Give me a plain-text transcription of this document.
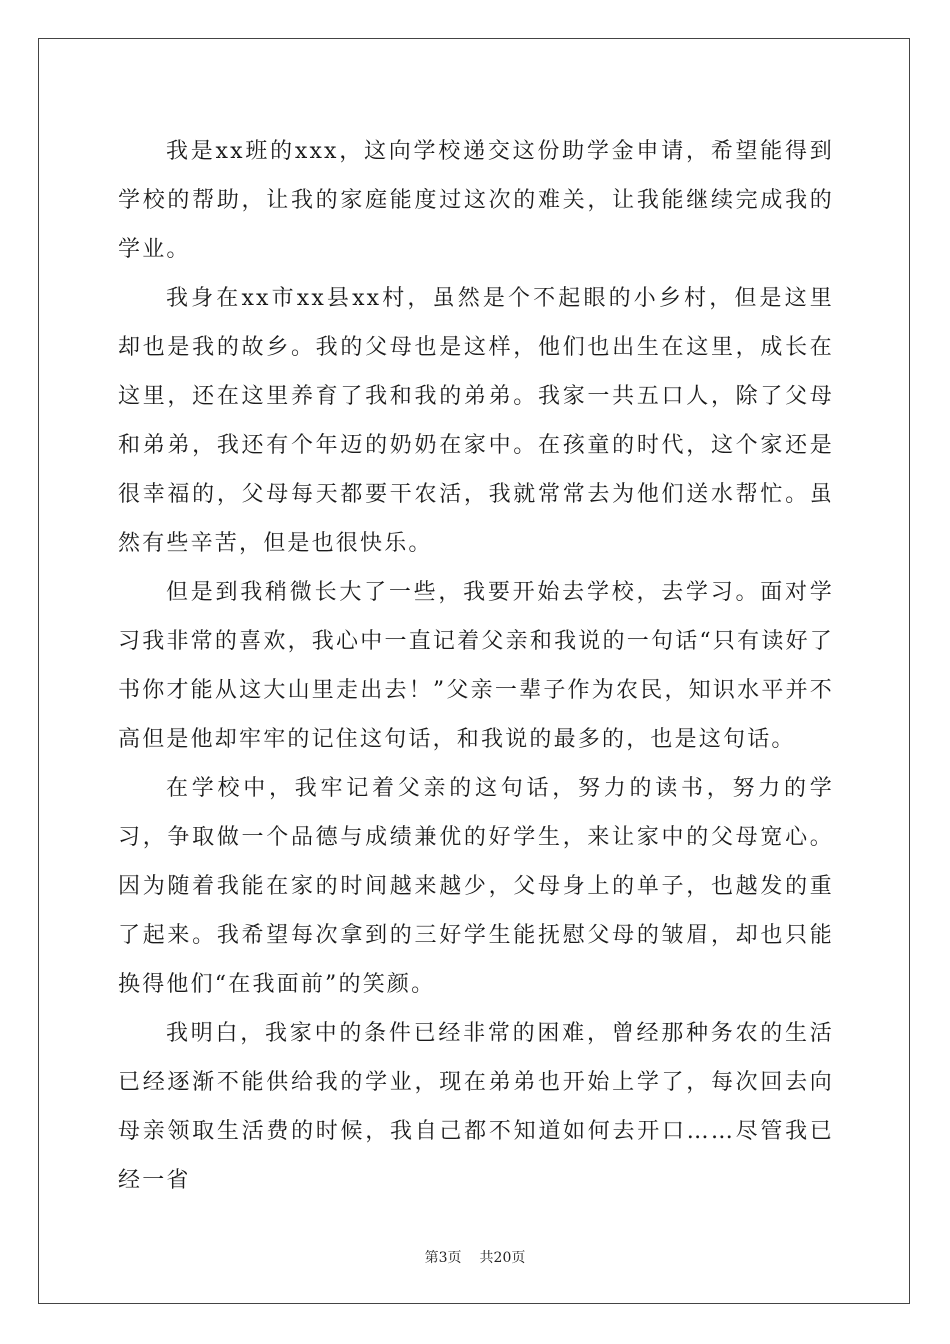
我是xx班的xxx，这向学校递交这份助学金申请，希望能得到学校的帮助，让我的家庭能度过这次的难关，让我能继续完成我的学业。

我身在xx市xx县xx村，虽然是个不起眼的小乡村，但是这里却也是我的故乡。我的父母也是这样，他们也出生在这里，成长在这里，还在这里养育了我和我的弟弟。我家一共五口人，除了父母和弟弟，我还有个年迈的奶奶在家中。在孩童的时代，这个家还是很幸福的，父母每天都要干农活，我就常常去为他们送水帮忙。虽然有些辛苦，但是也很快乐。

但是到我稍微长大了一些，我要开始去学校，去学习。面对学习我非常的喜欢，我心中一直记着父亲和我说的一句话“只有读好了书你才能从这大山里走出去！”父亲一辈子作为农民，知识水平并不高但是他却牢牢的记住这句话，和我说的最多的，也是这句话。

在学校中，我牢记着父亲的这句话，努力的读书，努力的学习，争取做一个品德与成绩兼优的好学生，来让家中的父母宽心。因为随着我能在家的时间越来越少，父母身上的单子，也越发的重了起来。我希望每次拿到的三好学生能抚慰父母的皱眉，却也只能换得他们“在我面前”的笑颜。

我明白，我家中的条件已经非常的困难，曾经那种务农的生活已经逐渐不能供给我的学业，现在弟弟也开始上学了，每次回去向母亲领取生活费的时候，我自己都不知道如何去开口……尽管我已经一省

第3页 共20页
